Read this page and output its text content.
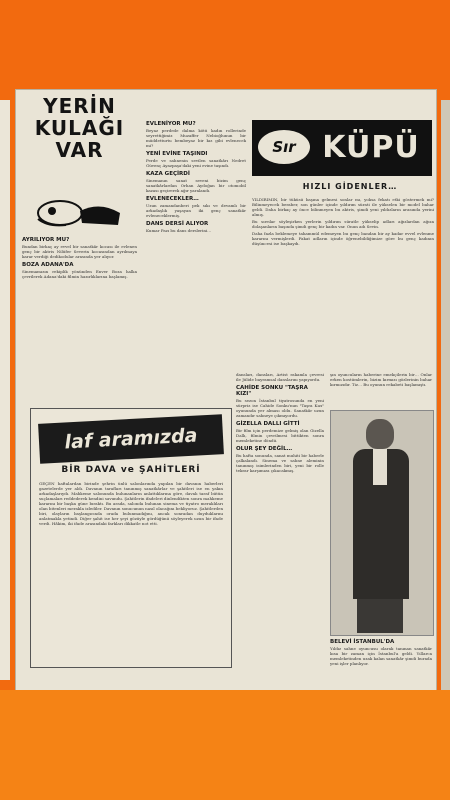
YERİN
KULAĞI
VAR
EVLENİYOR MU?
Beyaz perdede dalma kötü kadın rollerinde seyrettiğimiz Muzaffer Nebioğlunun bir müddetturtu bembeyaz bir kız gibi evlenecek mi?
YENİ EVİNE TAŞINDI
Perde ve sahnenin sevilen sanatkârı Nedret Güvenç Ayazpaşa'daki yeni evine taşındı.
KAZA GEÇİRDİ
Sinemanın sanat seveni bizim genç sanatkârlardan Orhan Aydoğan bir otomobil kazası geçirerek ağır yaralandı.
EVLENECEKLER…
Uzun zamandanberi pek sıkı ve devamlı bir arkadaşlık yaşayan iki genç sanatkâr evleneceklermiş.
DANS DERSİ ALIYOR
Kumar Pazı bu dans derslerini…
AYRILIYOR MU?
Bundan birkaç ay evvel bir sanatkâr kocası ile evlenen genç bir aktris Nilüfer Severin kocasından ayrılmaya karar verdiği dedikodular arasında yer alıyor.
BOZA ADANA'DA
Sinemamızın rekiplik yönünden Enver Boza halka çevrilerek Adana'daki filmin hazırlıklarına başlamış.
Sır KÜPÜ
HIZLI GİDENLER…
YILDIRIMIN, bir tüküsü başına gelmesi sonlar mı, yoksa fekatı etki göstermek mi? Bilinmeyecek beraber, son günler içinde yıldırım sürati ile yükselen bir model bahar geldi. Daha birkaç ay önce bilinmeyen bu aktris, şimdi yeni yıldızların arasında yerini almış.
Bu sırrılar söyleşirken yerlerin yıldırım süratle yükselip adları ağızlardan ağıza dolaşanların başında şimdi genç bir kadın var. Onun adı Sevin.
Daha fazla beklemeye tahammül edemeyen bu genç bandan bir ay kadar evvel evlenme kararını vermişlerdi. Fakat adların içinde öğrenebildiğimize göre bu genç kadının düşüncesi ise başkaydı.
laf aramızda
BİR DAVA ve ŞAHİTLERİ
GEÇEN haftalardan birinde şehrin ünlü salonlarında yapılan bir davanın haberleri gazetelerde yer aldı. Davanın tarafları tanınmış sanatkârlar ve şahitleri ise en yakın arkadaşlarıydı. Mahkeme salonunda bulunanların anlattıklarına göre, davalı taraf bütün suçlamaları reddederek kendini savundu. Şahitlerin ifadeleri dinlendikten sonra mahkeme kararını bir başka güne bıraktı. Bu arada, salonda bulunan sinema ve tiyatro meraklıları olan bitenleri merakla izlediler. Davanın sonucunun nasıl olacağını bekliyoruz. Şahitlerden biri, olayların başlangıcında orada bulunmadığını, ancak sonradan duyduklarını anlatmakla yetindi. Diğer şahit ise her şeyi gözüyle gördüğünü söyleyerek uzun bir ifade verdi. Hâkim, iki ifade arasındaki farkları dikkatle not etti.
dansları, dansları, Artist rakamla çevresi ile Jülide bayramsal danslarını yapıyordu.
CAHİDE SONKU "TAŞRA KIZI"
Bu sezon İstanbul tiyatrosunda en yeni sürpriz ise Cahide Sonku'nun "Taşra Kızı" oyununda yer alması oldu. Sanatkâr uzun zamandır sahneye çıkmıyordu.
GİZELLA DALLI GİTTİ
Bir film için perdemize gelmiş olan Gizella Dallı, filmin çevrilmesi bittikten sonra memleketine döndü.
OLUR ŞEY DEĞİL…
Bu hafta sonunda, sanat muhiti bir haberle çalkalandı. Sinema ve sahne aleminin tanınmış isimlerinden biri, yeni bir rolle tekrar karşımıza çıkacakmış.
şın oyuncuların haberine emekçilerin bir… Onlar erken kostümlerin, bizim kırmızı gözlerinin bahar kırmızıdır. Tiz… Bu oyunun rekabeti başlamıştı.
BELEVİ İSTANBUL'DA
Yıldız sahne oyuncusu olarak tanınan sanatkâr kısa bir zaman için İstanbul'a geldi. Yıllarca memleketinden uzak kalan sanatkâr şimdi burada yeni işler planlıyor.
